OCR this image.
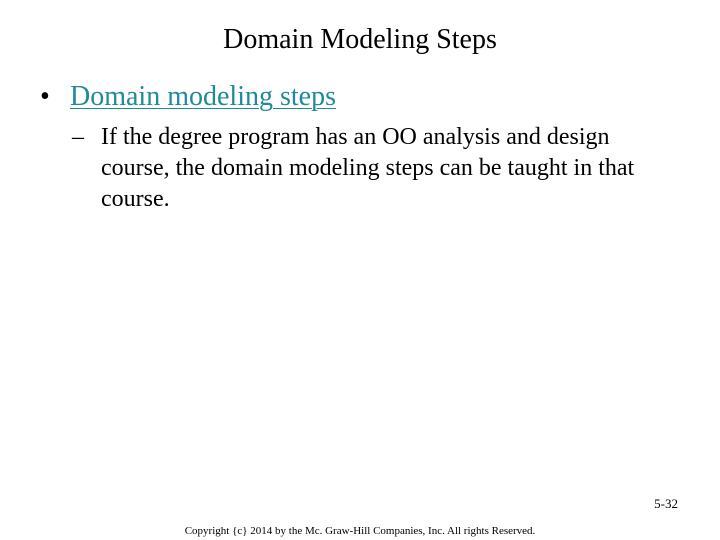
Domain Modeling Steps
• Domain modeling steps
– If the degree program has an OO analysis and design course, the domain modeling steps can be taught in that course.
5-32
Copyright {c} 2014 by the Mc. Graw-Hill Companies, Inc. All rights Reserved.
